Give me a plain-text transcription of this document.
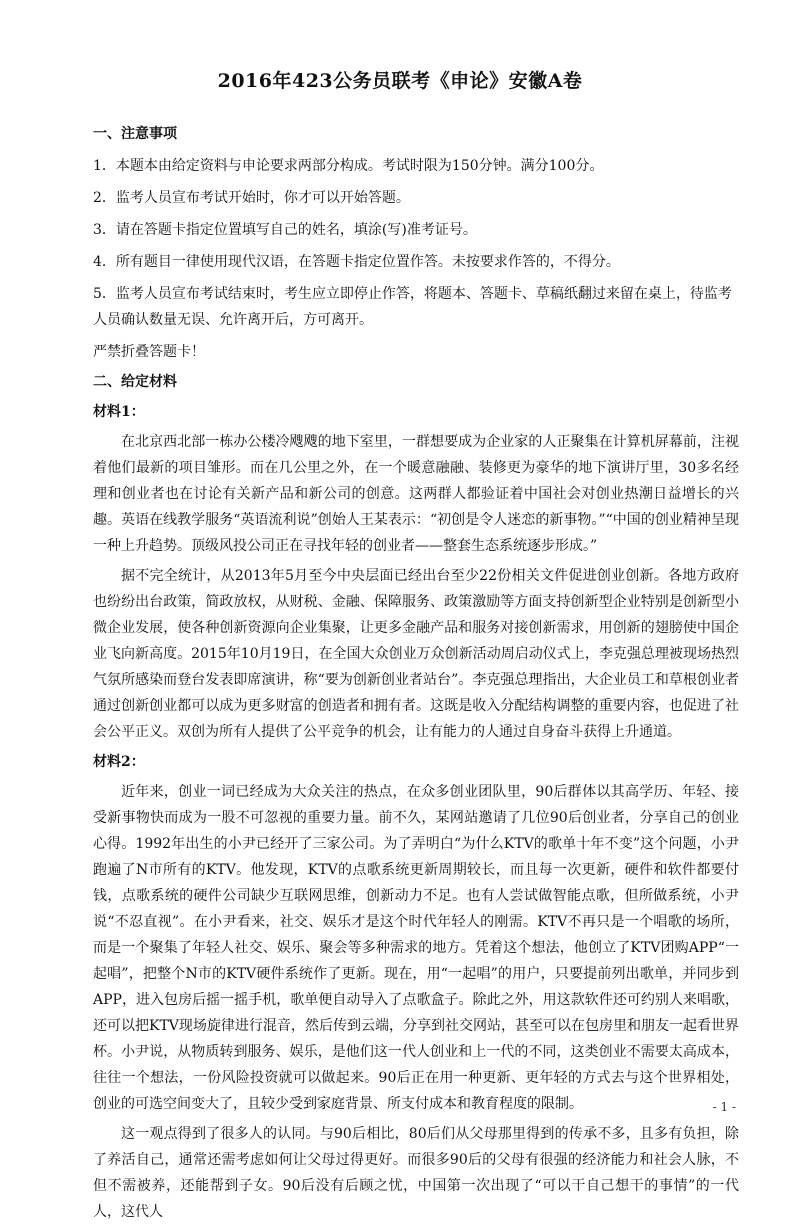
2016年423公务员联考《申论》安徽A卷

一、注意事项

1．本题本由给定资料与申论要求两部分构成。考试时限为150分钟。满分100分。

2．监考人员宣布考试开始时，你才可以开始答题。

3．请在答题卡指定位置填写自己的姓名，填涂(写)准考证号。

4．所有题目一律使用现代汉语，在答题卡指定位置作答。未按要求作答的，不得分。

5．监考人员宣布考试结束时，考生应立即停止作答，将题本、答题卡、草稿纸翻过来留在桌上，待监考人员确认数量无误、允许离开后，方可离开。

严禁折叠答题卡！

二、给定材料

材料1：

在北京西北部一栋办公楼冷飕飕的地下室里，一群想要成为企业家的人正聚集在计算机屏幕前，注视着他们最新的项目雏形。而在几公里之外，在一个暖意融融、装修更为豪华的地下演讲厅里，30多名经理和创业者也在讨论有关新产品和新公司的创意。这两群人都验证着中国社会对创业热潮日益增长的兴趣。英语在线教学服务“英语流利说”创始人王某表示：“初创是令人迷恋的新事物。”“中国的创业精神呈现一种上升趋势。顶级风投公司正在寻找年轻的创业者——整套生态系统逐步形成。”

据不完全统计，从2013年5月至今中央层面已经出台至少22份相关文件促进创业创新。各地方政府也纷纷出台政策，简政放权，从财税、金融、保障服务、政策激励等方面支持创新型企业特别是创新型小微企业发展，使各种创新资源向企业集聚，让更多金融产品和服务对接创新需求，用创新的翅膀使中国企业飞向新高度。2015年10月19日，在全国大众创业万众创新活动周启动仪式上，李克强总理被现场热烈气氛所感染而登台发表即席演讲，称“要为创新创业者站台”。李克强总理指出，大企业员工和草根创业者通过创新创业都可以成为更多财富的创造者和拥有者。这既是收入分配结构调整的重要内容，也促进了社会公平正义。双创为所有人提供了公平竞争的机会，让有能力的人通过自身奋斗获得上升通道。

材料2：

近年来，创业一词已经成为大众关注的热点，在众多创业团队里，90后群体以其高学历、年轻、接受新事物快而成为一股不可忽视的重要力量。前不久，某网站邀请了几位90后创业者，分享自己的创业心得。1992年出生的小尹已经开了三家公司。为了弄明白“为什么KTV的歌单十年不变”这个问题，小尹跑遍了N市所有的KTV。他发现，KTV的点歌系统更新周期较长，而且每一次更新，硬件和软件都要付钱，点歌系统的硬件公司缺少互联网思维，创新动力不足。也有人尝试做智能点歌，但所做系统，小尹说“不忍直视”。在小尹看来，社交、娱乐才是这个时代年轻人的刚需。KTV不再只是一个唱歌的场所，而是一个聚集了年轻人社交、娱乐、聚会等多种需求的地方。凭着这个想法，他创立了KTV团购APP“一起唱”，把整个N市的KTV硬件系统作了更新。现在，用“一起唱”的用户，只要提前列出歌单，并同步到APP，进入包房后摇一摇手机，歌单便自动导入了点歌盒子。除此之外，用这款软件还可约别人来唱歌，还可以把KTV现场旋律进行混音，然后传到云端，分享到社交网站，甚至可以在包房里和朋友一起看世界杯。小尹说，从物质转到服务、娱乐，是他们这一代人创业和上一代的不同，这类创业不需要太高成本，往往一个想法，一份风险投资就可以做起来。90后正在用一种更新、更年轻的方式去与这个世界相处，创业的可选空间变大了，且较少受到家庭背景、所支付成本和教育程度的限制。

这一观点得到了很多人的认同。与90后相比，80后们从父母那里得到的传承不多，且多有负担，除了养活自己，通常还需考虑如何让父母过得更好。而很多90后的父母有很强的经济能力和社会人脉，不但不需被养，还能帮到子女。90后没有后顾之忧，中国第一次出现了“可以干自己想干的事情”的一代人，这代人

- 1 -
